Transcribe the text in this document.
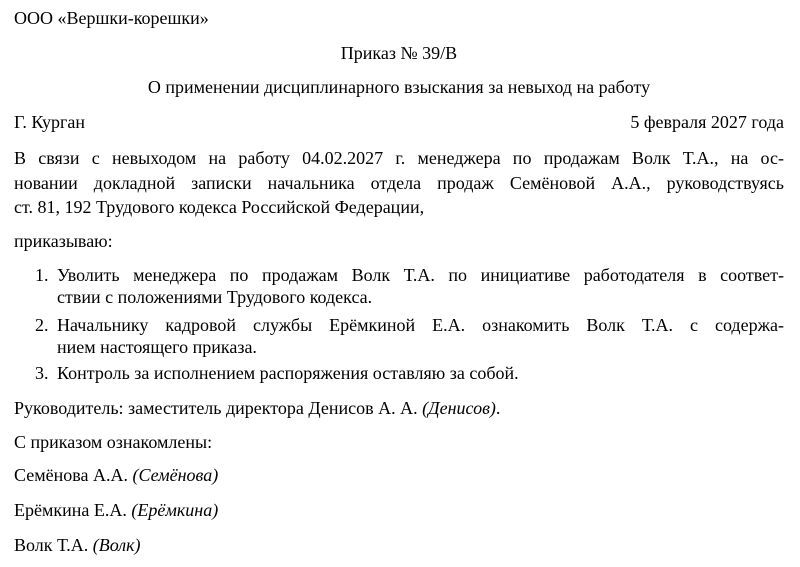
ООО «Вершки-корешки»
Приказ № 39/В
О применении дисциплинарного взыскания за невыход на работу
Г. Курган	5 февраля 2027 года
В связи с невыходом на работу 04.02.2027 г. менеджера по продажам Волк Т.А., на ос-
новании докладной записки начальника отдела продаж Семёновой А.А., руководствуясь
ст. 81, 192 Трудового кодекса Российской Федерации,
приказываю:
1. Уволить менеджера по продажам Волк Т.А. по инициативе работодателя в соответ-
ствии с положениями Трудового кодекса.
2. Начальнику кадровой службы Ерёмкиной Е.А. ознакомить Волк Т.А. с содержа-
нием настоящего приказа.
3. Контроль за исполнением распоряжения оставляю за собой.
Руководитель: заместитель директора Денисов А. А. (Денисов).
С приказом ознакомлены:
Семёнова А.А. (Семёнова)
Ерёмкина Е.А. (Ерёмкина)
Волк Т.А. (Волк)
